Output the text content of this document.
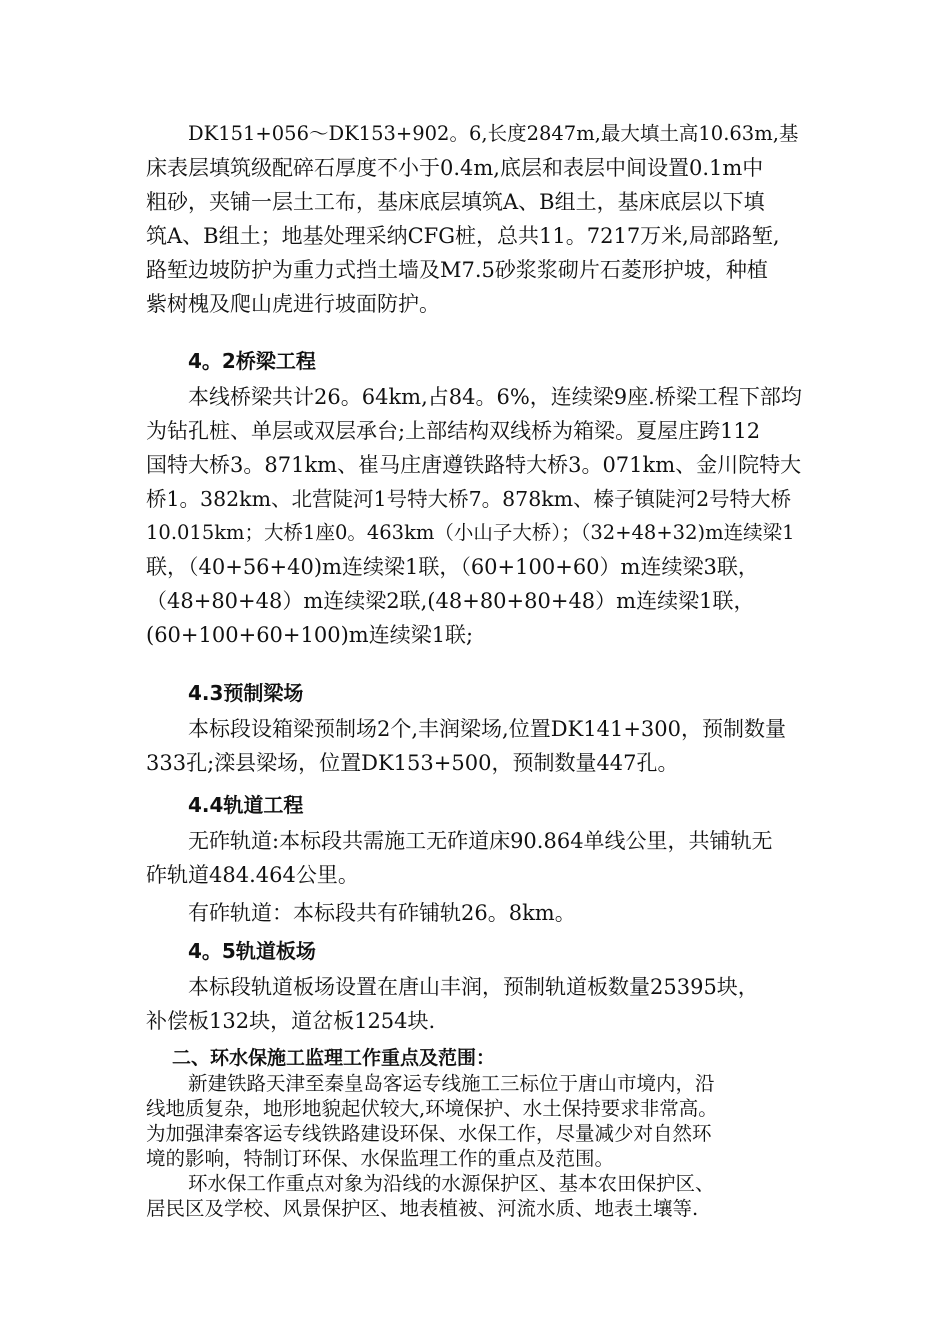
DK151+056～DK153+902。6,长度2847m,最大填土高10.63m,基
床表层填筑级配碎石厚度不小于0.4m,底层和表层中间设置0.1m中
粗砂，夹铺一层土工布，基床底层填筑A、B组土，基床底层以下填
筑A、B组土；地基处理采纳CFG桩，总共11。7217万米,局部路堑,
路堑边坡防护为重力式挡土墙及M7.5砂浆浆砌片石菱形护坡，种植
紫树槐及爬山虎进行坡面防护。
4。2桥梁工程
本线桥梁共计26。64km,占84。6%，连续梁9座.桥梁工程下部均
为钻孔桩、单层或双层承台;上部结构双线桥为箱梁。夏屋庄跨112
国特大桥3。871km、崔马庄唐遵铁路特大桥3。071km、金川院特大
桥1。382km、北营陡河1号特大桥7。878km、榛子镇陡河2号特大桥
10.015km；大桥1座0。463km（小山子大桥）；（32+48+32)m连续梁1
联，（40+56+40)m连续梁1联，（60+100+60）m连续梁3联，
（48+80+48）m连续梁2联,(48+80+80+48）m连续梁1联，
(60+100+60+100)m连续梁1联;
4.3预制梁场
本标段设箱梁预制场2个,丰润梁场,位置DK141+300，预制数量
333孔;滦县梁场，位置DK153+500，预制数量447孔。
4.4轨道工程
无砟轨道:本标段共需施工无砟道床90.864单线公里，共铺轨无
砟轨道484.464公里。
有砟轨道：本标段共有砟铺轨26。8km。
4。5轨道板场
本标段轨道板场设置在唐山丰润，预制轨道板数量25395块，
补偿板132块，道岔板1254块.
二、环水保施工监理工作重点及范围：
新建铁路天津至秦皇岛客运专线施工三标位于唐山市境内，沿
线地质复杂，地形地貌起伏较大,环境保护、水土保持要求非常高。
为加强津秦客运专线铁路建设环保、水保工作，尽量减少对自然环
境的影响，特制订环保、水保监理工作的重点及范围。
环水保工作重点对象为沿线的水源保护区、基本农田保护区、
居民区及学校、风景保护区、地表植被、河流水质、地表土壤等.
